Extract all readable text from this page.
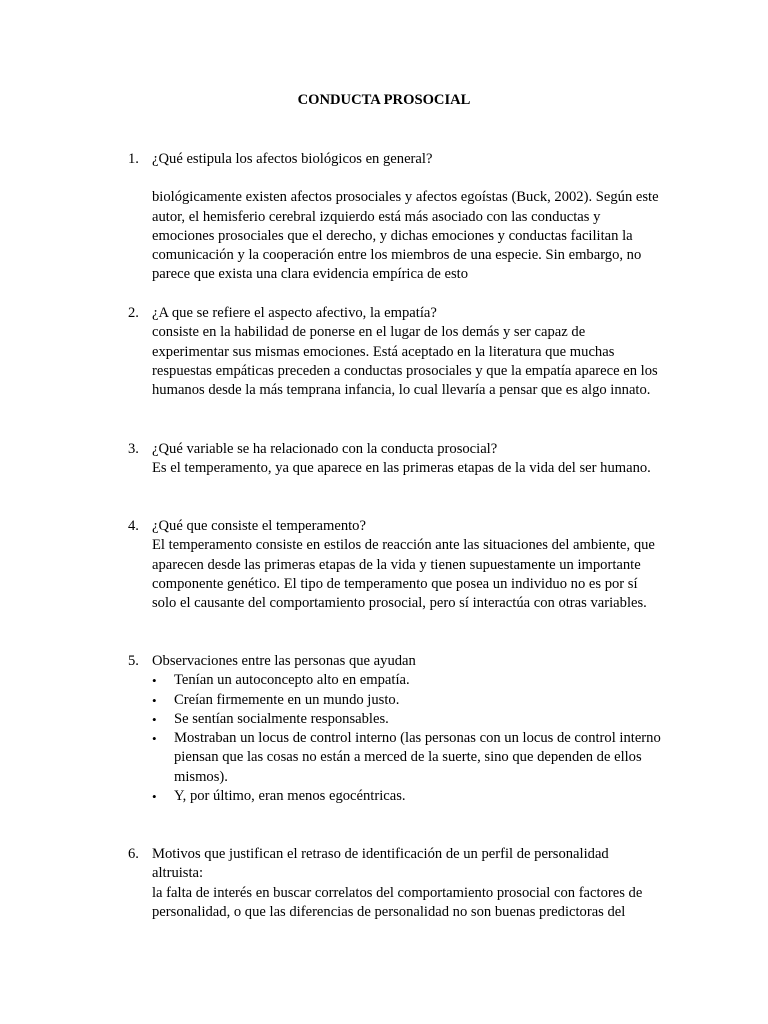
CONDUCTA PROSOCIAL
1. ¿Qué estipula los afectos biológicos en general?

biológicamente existen afectos prosociales y afectos egoístas (Buck, 2002). Según este autor, el hemisferio cerebral izquierdo está más asociado con las conductas y emociones prosociales que el derecho, y dichas emociones y conductas facilitan la comunicación y la cooperación entre los miembros de una especie. Sin embargo, no parece que exista una clara evidencia empírica de esto

2. ¿A que se refiere el aspecto afectivo, la empatía?

consiste en la habilidad de ponerse en el lugar de los demás y ser capaz de experimentar sus mismas emociones. Está aceptado en la literatura que muchas respuestas empáticas preceden a conductas prosociales y que la empatía aparece en los humanos desde la más temprana infancia, lo cual llevaría a pensar que es algo innato.

3. ¿Qué variable se ha relacionado con la conducta prosocial?

Es el temperamento, ya que aparece en las primeras etapas de la vida del ser humano.

4. ¿Qué que consiste el temperamento?

El temperamento consiste en estilos de reacción ante las situaciones del ambiente, que aparecen desde las primeras etapas de la vida y tienen supuestamente un importante componente genético. El tipo de temperamento que posea un individuo no es por sí solo el causante del comportamiento prosocial, pero sí interactúa con otras variables.

5. Observaciones entre las personas que ayudan
• Tenían un autoconcepto alto en empatía.
• Creían firmemente en un mundo justo.
• Se sentían socialmente responsables.
• Mostraban un locus de control interno (las personas con un locus de control interno piensan que las cosas no están a merced de la suerte, sino que dependen de ellos mismos).
• Y, por último, eran menos egocéntricas.
6. Motivos que justifican el retraso de identificación de un perfil de personalidad altruista:

la falta de interés en buscar correlatos del comportamiento prosocial con factores de personalidad, o que las diferencias de personalidad no son buenas predictoras del
